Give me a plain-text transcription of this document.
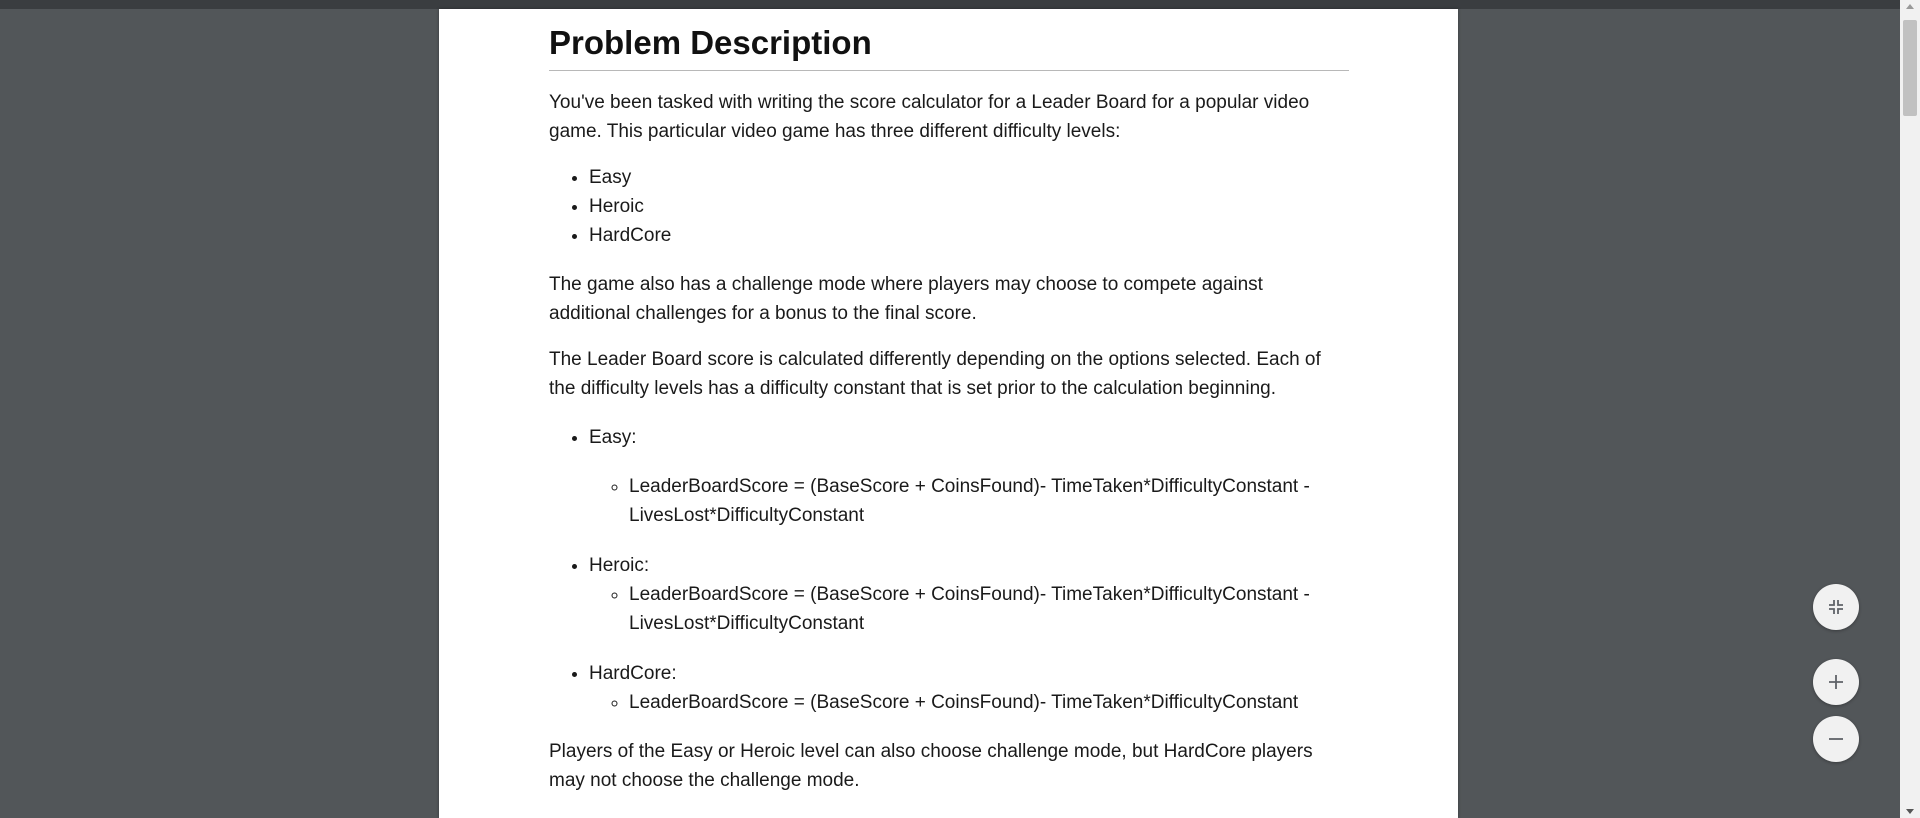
Problem Description

You've been tasked with writing the score calculator for a Leader Board for a popular video game. This particular video game has three different difficulty levels:

• Easy
• Heroic
• HardCore

The game also has a challenge mode where players may choose to compete against additional challenges for a bonus to the final score.

The Leader Board score is calculated differently depending on the options selected. Each of the difficulty levels has a difficulty constant that is set prior to the calculation beginning.

• Easy:
◦ LeaderBoardScore = (BaseScore + CoinsFound)- TimeTaken*DifficultyConstant - LivesLost*DifficultyConstant
• Heroic:
◦ LeaderBoardScore = (BaseScore + CoinsFound)- TimeTaken*DifficultyConstant - LivesLost*DifficultyConstant
• HardCore:
◦ LeaderBoardScore = (BaseScore + CoinsFound)- TimeTaken*DifficultyConstant

Players of the Easy or Heroic level can also choose challenge mode, but HardCore players may not choose the challenge mode.
